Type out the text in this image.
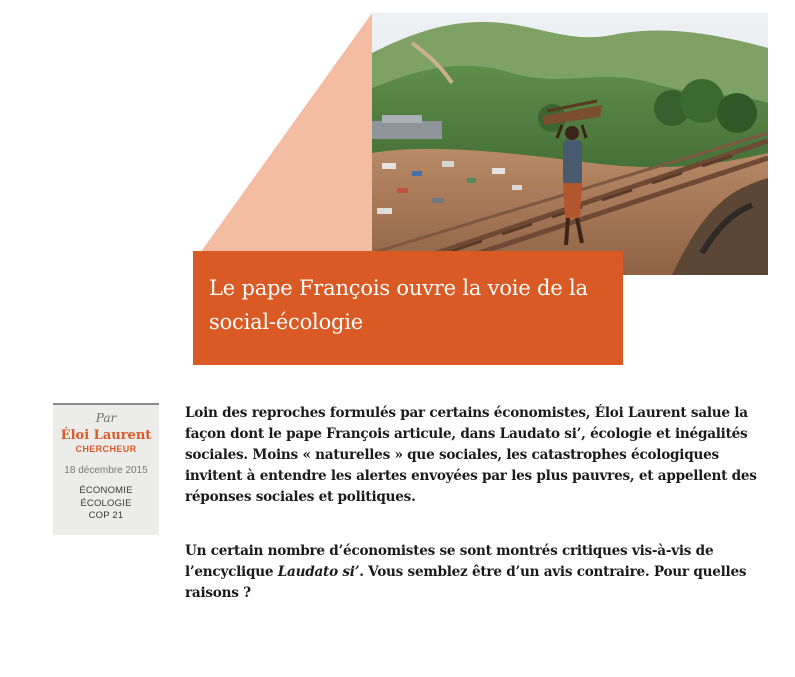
Le pape François ouvre la voie de la social-écologie
Par
Éloi Laurent
CHERCHEUR
18 décembre 2015
ÉCONOMIE
ÉCOLOGIE
COP 21

Loin des reproches formulés par certains économistes, Éloi Laurent salue la façon dont le pape François articule, dans Laudato si’, écologie et inégalités sociales. Moins « naturelles » que sociales, les catastrophes écologiques invitent à entendre les alertes envoyées par les plus pauvres, et appellent des réponses sociales et politiques.

Un certain nombre d’économistes se sont montrés critiques vis-à-vis de l’encyclique Laudato si’. Vous semblez être d’un avis contraire. Pour quelles raisons ?
